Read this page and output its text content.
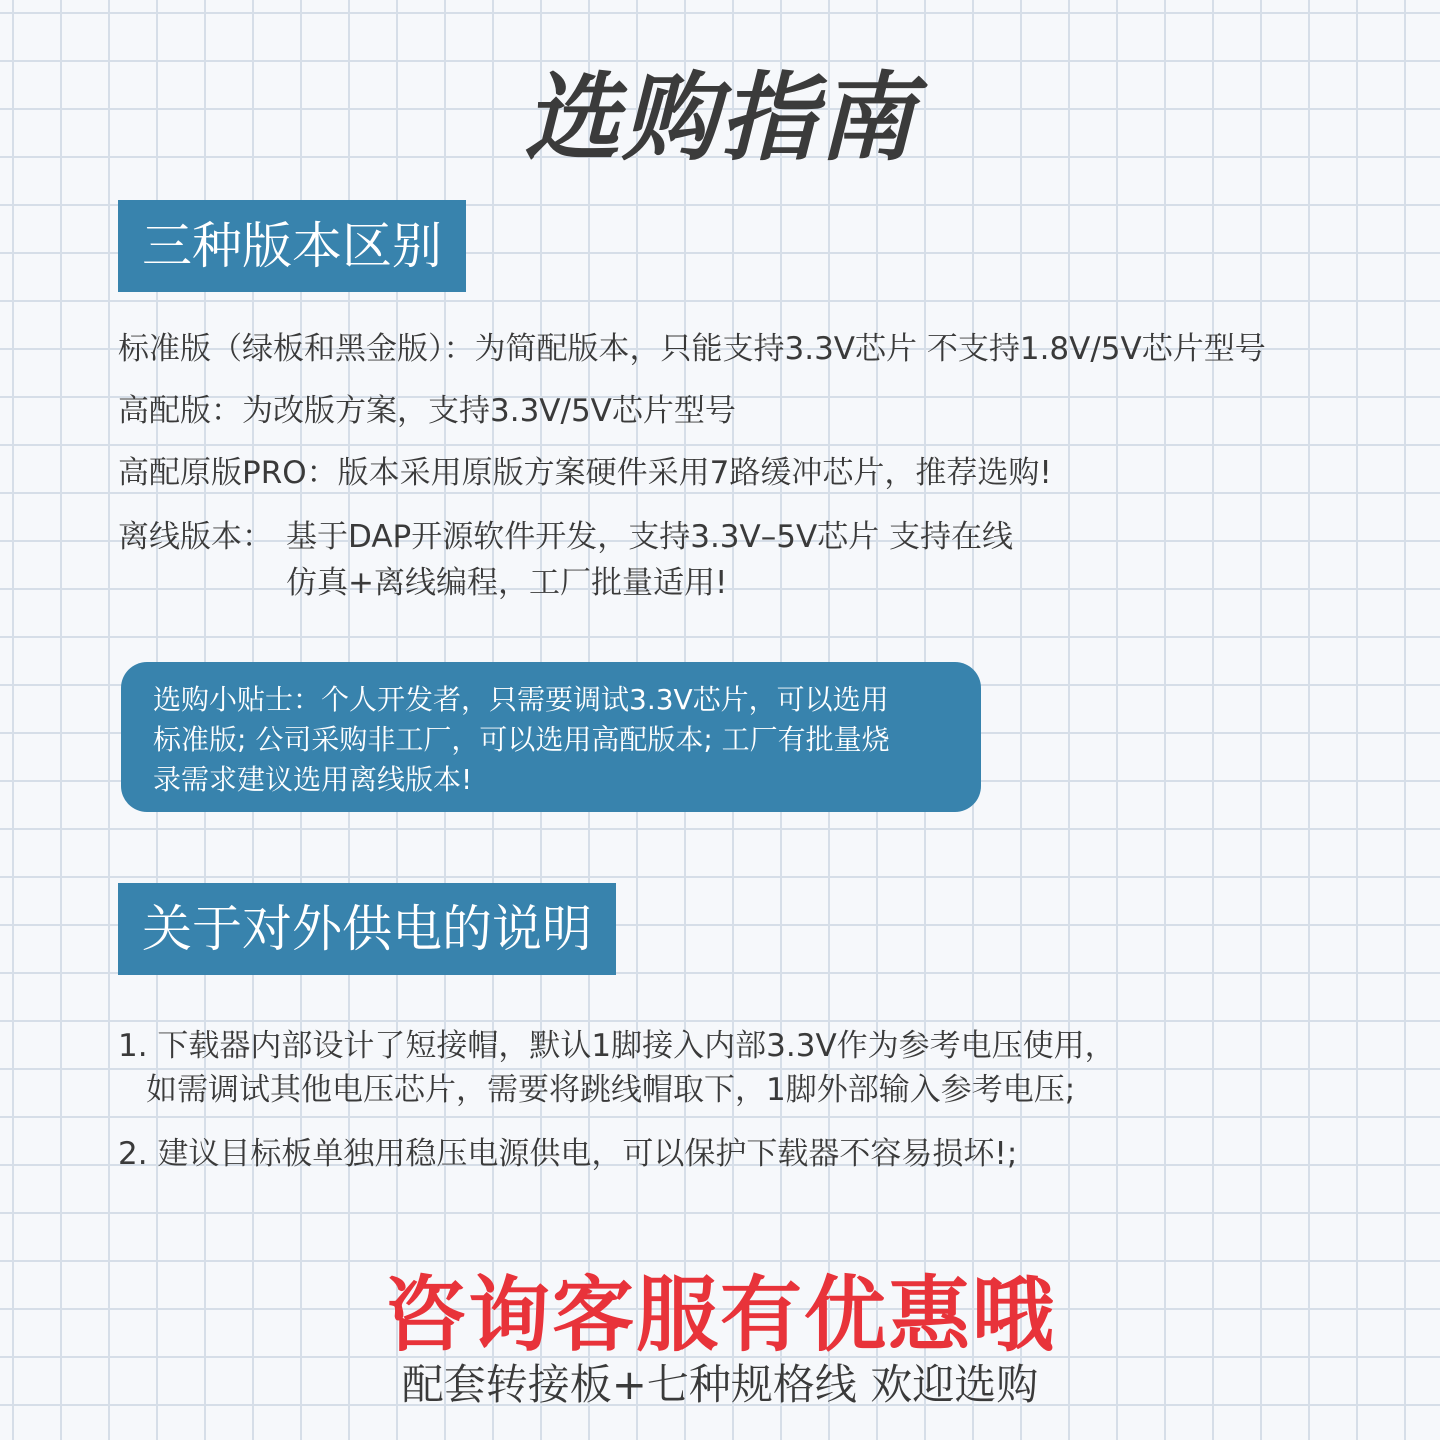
选购指南
三种版本区别
标准版（绿板和黑金版）：为简配版本，只能支持3.3V芯片 不支持1.8V/5V芯片型号
高配版：为改版方案，支持3.3V/5V芯片型号
高配原版PRO：版本采用原版方案硬件采用7路缓冲芯片，推荐选购!
离线版本： 基于DAP开源软件开发，支持3.3V–5V芯片 支持在线
仿真+离线编程，工厂批量适用!
选购小贴士：个人开发者，只需要调试3.3V芯片，可以选用
标准版; 公司采购非工厂，可以选用高配版本; 工厂有批量烧
录需求建议选用离线版本!
关于对外供电的说明
1. 下载器内部设计了短接帽，默认1脚接入内部3.3V作为参考电压使用，
如需调试其他电压芯片，需要将跳线帽取下，1脚外部输入参考电压;
2. 建议目标板单独用稳压电源供电，可以保护下载器不容易损坏!;
咨询客服有优惠哦
配套转接板+七种规格线 欢迎选购
